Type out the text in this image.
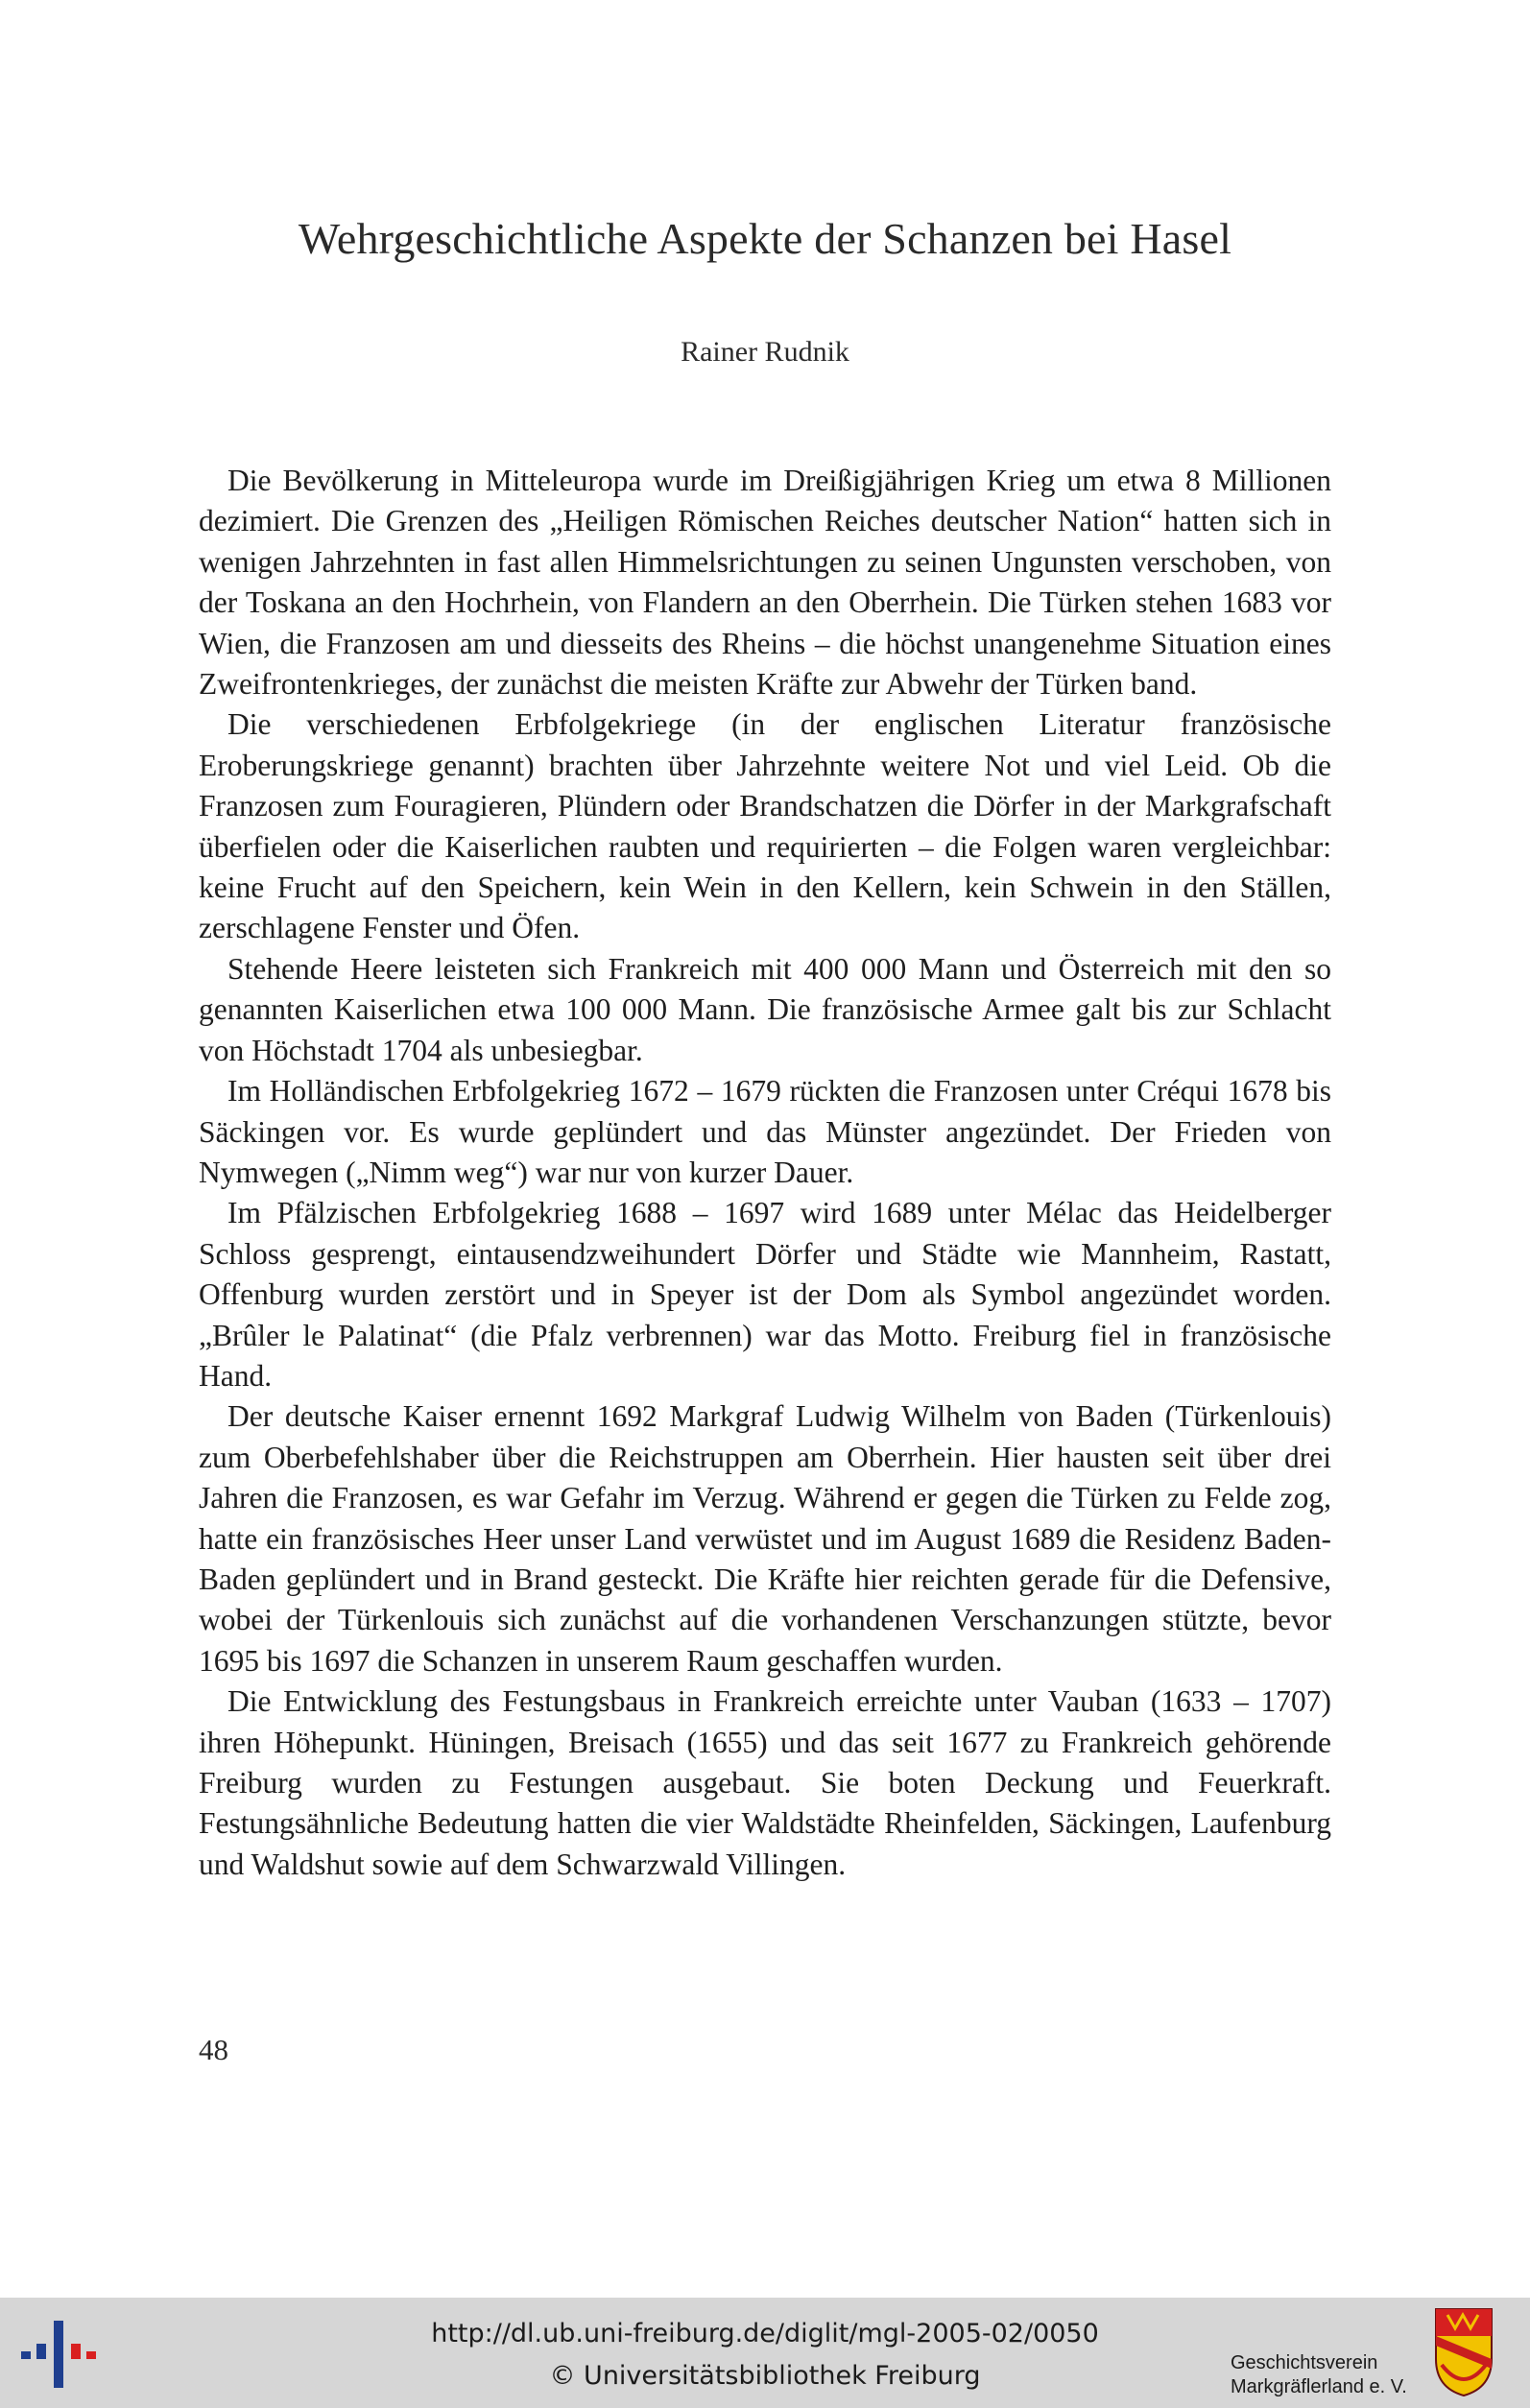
Wehrgeschichtliche Aspekte der Schanzen bei Hasel
Rainer Rudnik

Die Bevölkerung in Mitteleuropa wurde im Dreißigjährigen Krieg um etwa 8 Millionen dezimiert. Die Grenzen des „Heiligen Römischen Reiches deutscher Nation“ hatten sich in wenigen Jahrzehnten in fast allen Himmelsrichtungen zu seinen Ungunsten verschoben, von der Toskana an den Hochrhein, von Flandern an den Oberrhein. Die Türken stehen 1683 vor Wien, die Franzosen am und diesseits des Rheins – die höchst unangenehme Situation eines Zweifrontenkrieges, der zunächst die meisten Kräfte zur Abwehr der Türken band.

Die verschiedenen Erbfolgekriege (in der englischen Literatur französische Eroberungskriege genannt) brachten über Jahrzehnte weitere Not und viel Leid. Ob die Franzosen zum Fouragieren, Plündern oder Brandschatzen die Dörfer in der Markgrafschaft überfielen oder die Kaiserlichen raubten und requirierten – die Folgen waren vergleichbar: keine Frucht auf den Speichern, kein Wein in den Kellern, kein Schwein in den Ställen, zerschlagene Fenster und Öfen.

Stehende Heere leisteten sich Frankreich mit 400 000 Mann und Österreich mit den so genannten Kaiserlichen etwa 100 000 Mann. Die französische Armee galt bis zur Schlacht von Höchstadt 1704 als unbesiegbar.

Im Holländischen Erbfolgekrieg 1672 – 1679 rückten die Franzosen unter Créqui 1678 bis Säckingen vor. Es wurde geplündert und das Münster angezündet. Der Frieden von Nymwegen („Nimm weg“) war nur von kurzer Dauer.

Im Pfälzischen Erbfolgekrieg 1688 – 1697 wird 1689 unter Mélac das Heidelberger Schloss gesprengt, eintausendzweihundert Dörfer und Städte wie Mannheim, Rastatt, Offenburg wurden zerstört und in Speyer ist der Dom als Symbol angezündet worden. „Brûler le Palatinat“ (die Pfalz verbrennen) war das Motto. Freiburg fiel in französische Hand.

Der deutsche Kaiser ernennt 1692 Markgraf Ludwig Wilhelm von Baden (Türkenlouis) zum Oberbefehlshaber über die Reichstruppen am Oberrhein. Hier hausten seit über drei Jahren die Franzosen, es war Gefahr im Verzug. Während er gegen die Türken zu Felde zog, hatte ein französisches Heer unser Land verwüstet und im August 1689 die Residenz Baden-Baden geplündert und in Brand gesteckt. Die Kräfte hier reichten gerade für die Defensive, wobei der Türkenlouis sich zunächst auf die vorhandenen Verschanzungen stützte, bevor 1695 bis 1697 die Schanzen in unserem Raum geschaffen wurden.

Die Entwicklung des Festungsbaus in Frankreich erreichte unter Vauban (1633 – 1707) ihren Höhepunkt. Hüningen, Breisach (1655) und das seit 1677 zu Frankreich gehörende Freiburg wurden zu Festungen ausgebaut. Sie boten Deckung und Feuerkraft. Festungsähnliche Bedeutung hatten die vier Waldstädte Rheinfelden, Säckingen, Laufenburg und Waldshut sowie auf dem Schwarzwald Villingen.

48
http://dl.ub.uni-freiburg.de/diglit/mgl-2005-02/0050
© Universitätsbibliothek Freiburg	Geschichtsverein
Markgräflerland e. V.
